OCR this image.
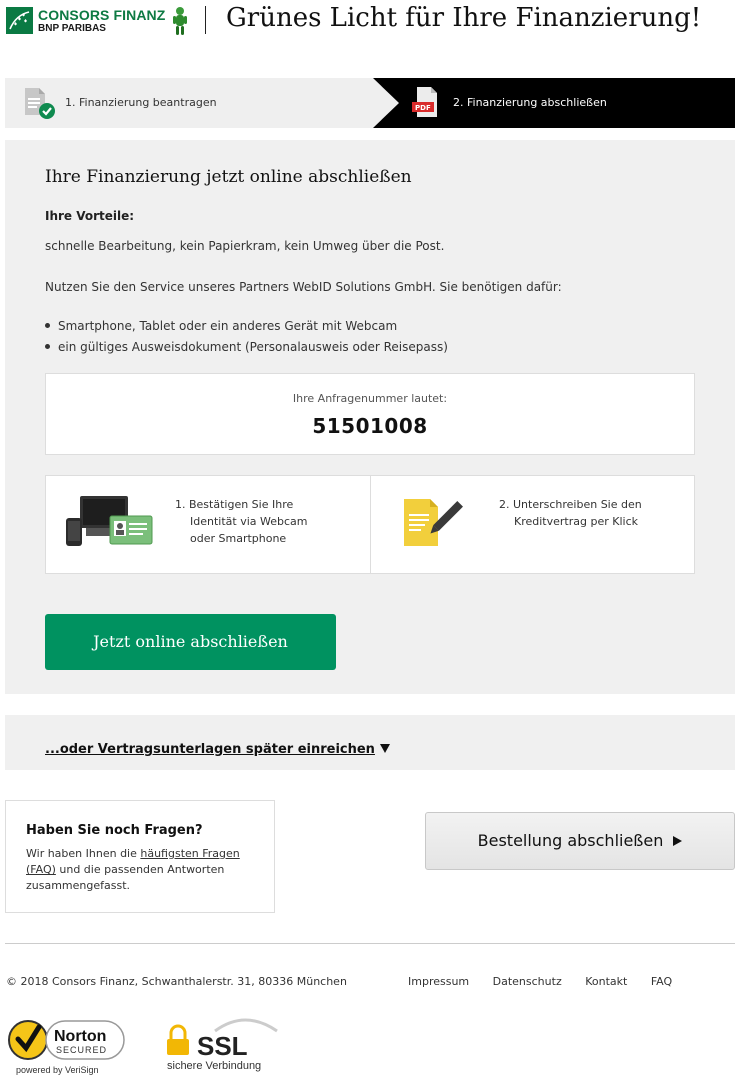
CONSORS FINANZ
BNP PARIBAS	Grünes Licht für Ihre Finanzierung!
1. Finanzierung beantragen	PDF 2. Finanzierung abschließen
Ihre Finanzierung jetzt online abschließen
Ihre Vorteile:
schnelle Bearbeitung, kein Papierkram, kein Umweg über die Post.
Nutzen Sie den Service unseres Partners WebID Solutions GmbH. Sie benötigen dafür:
Smartphone, Tablet oder ein anderes Gerät mit Webcam
ein gültiges Ausweisdokument (Personalausweis oder Reisepass)
Ihre Anfragenummer lautet:
51501008
1. Bestätigen Sie Ihre
Identität via Webcam
oder Smartphone
2. Unterschreiben Sie den
Kreditvertrag per Klick
Jetzt online abschließen
...oder Vertragsunterlagen später einreichen
Haben Sie noch Fragen?
Wir haben Ihnen die häufigsten Fragen (FAQ) und die passenden Antworten zusammengefasst.
Bestellung abschließen
© 2018 Consors Finanz, Schwanthalerstr. 31, 80336 München	Impressum Datenschutz Kontakt FAQ
Norton
SECURED
powered by VeriSign
SSL
sichere Verbindung
